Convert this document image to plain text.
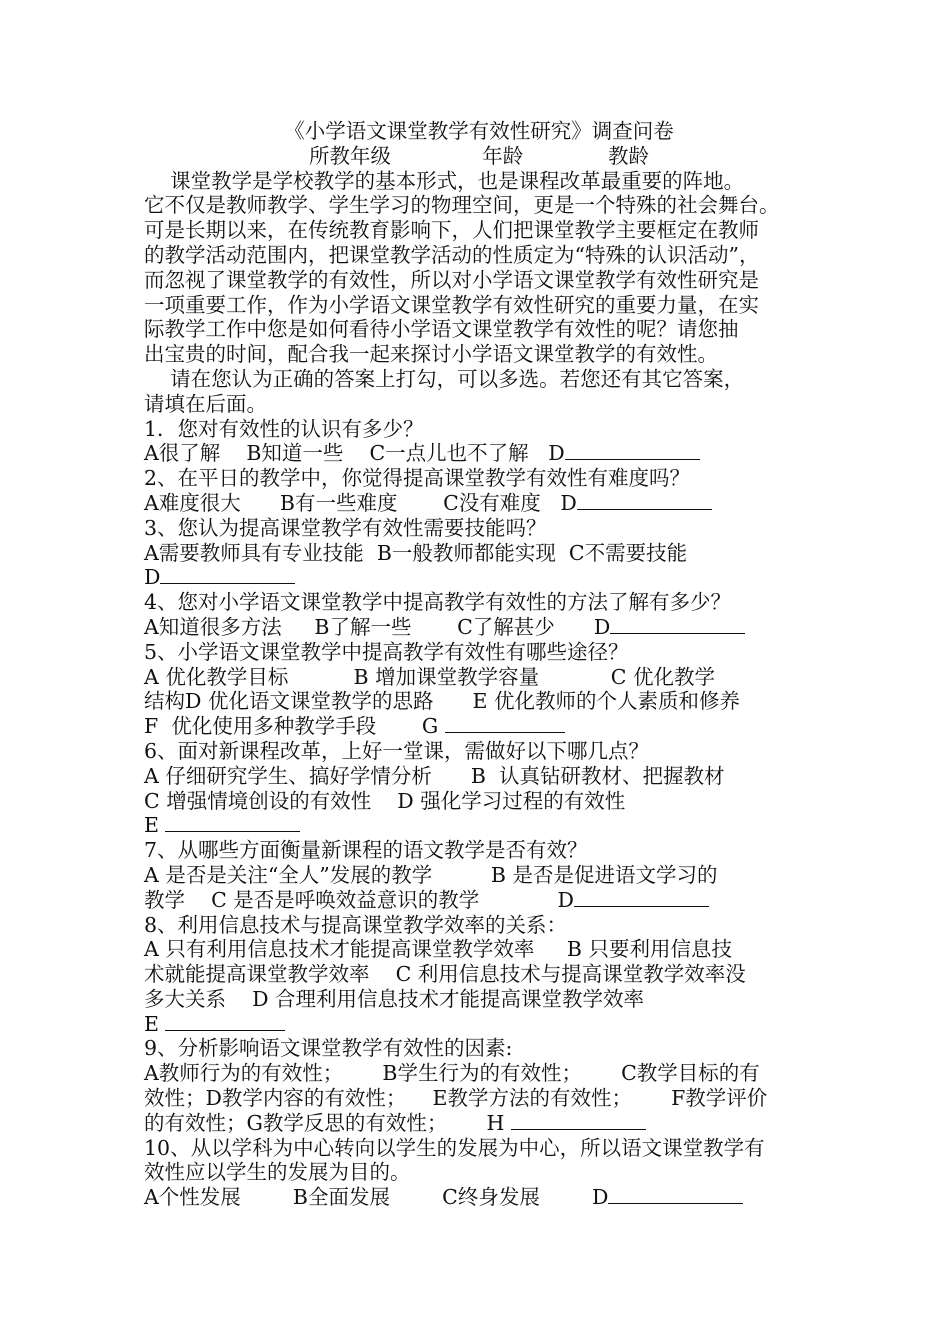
《小学语文课堂教学有效性研究》调查问卷
所教年级              年龄             教龄
课堂教学是学校教学的基本形式，也是课程改革最重要的阵地。
它不仅是教师教学、学生学习的物理空间，更是一个特殊的社会舞台。
可是长期以来，在传统教育影响下，人们把课堂教学主要框定在教师
的教学活动范围内，把课堂教学活动的性质定为“特殊的认识活动”，
而忽视了课堂教学的有效性，所以对小学语文课堂教学有效性研究是
一项重要工作，作为小学语文课堂教学有效性研究的重要力量，在实
际教学工作中您是如何看待小学语文课堂教学有效性的呢？请您抽
出宝贵的时间，配合我一起来探讨小学语文课堂教学的有效性。
请在您认为正确的答案上打勾，可以多选。若您还有其它答案，
请填在后面。
1．您对有效性的认识有多少？
A很了解    B知道一些    C一点儿也不了解   D
2、在平日的教学中，你觉得提高课堂教学有效性有难度吗？
A难度很大      B有一些难度       C没有难度   D
3、您认为提高课堂教学有效性需要技能吗？
A需要教师具有专业技能  B一般教师都能实现  C不需要技能
D
4、您对小学语文课堂教学中提高教学有效性的方法了解有多少？
A知道很多方法     B了解一些       C了解甚少      D
5、小学语文课堂教学中提高教学有效性有哪些途径？
A 优化教学目标          B 增加课堂教学容量           C 优化教学
结构D 优化语文课堂教学的思路      E 优化教师的个人素质和修养
F  优化使用多种教学手段       G
6、面对新课程改革，上好一堂课，需做好以下哪几点？
A 仔细研究学生、搞好学情分析      B  认真钻研教材、把握教材
C 增强情境创设的有效性    D 强化学习过程的有效性
E
7、从哪些方面衡量新课程的语文教学是否有效？
A 是否是关注“全人”发展的教学         B 是否是促进语文学习的
教学    C 是否是呼唤效益意识的教学            D
8、利用信息技术与提高课堂教学效率的关系：
A 只有利用信息技术才能提高课堂教学效率     B 只要利用信息技
术就能提高课堂教学效率    C 利用信息技术与提高课堂教学效率没
多大关系    D 合理利用信息技术才能提高课堂教学效率
E
9、分析影响语文课堂教学有效性的因素:
A教师行为的有效性；      B学生行为的有效性；      C教学目标的有
效性；D教学内容的有效性；    E教学方法的有效性；      F教学评价
的有效性；G教学反思的有效性；      H
10、从以学科为中心转向以学生的发展为中心，所以语文课堂教学有
效性应以学生的发展为目的。
A个性发展        B全面发展        C终身发展        D
